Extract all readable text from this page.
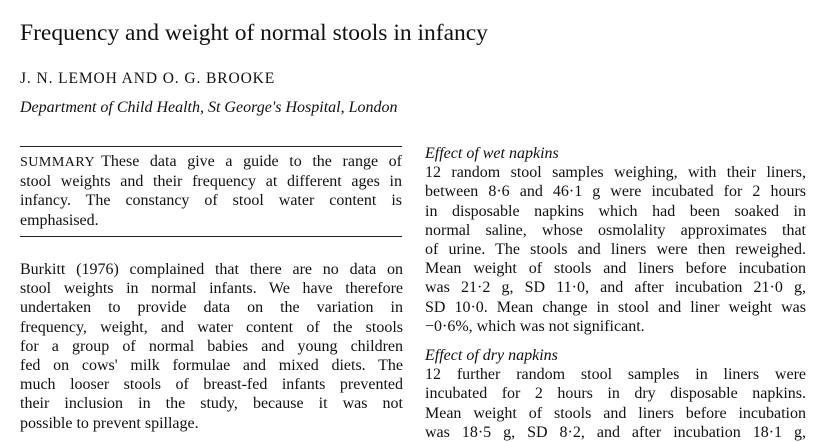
Frequency and weight of normal stools in infancy
J. N. LEMOH AND O. G. BROOKE
Department of Child Health, St George's Hospital, London
SUMMARY These data give a guide to the range of
stool weights and their frequency at different ages in
infancy. The constancy of stool water content is
emphasised.
Burkitt (1976) complained that there are no data on
stool weights in normal infants. We have therefore
undertaken to provide data on the variation in
frequency, weight, and water content of the stools
for a group of normal babies and young children
fed on cows' milk formulae and mixed diets. The
much looser stools of breast-fed infants prevented
their inclusion in the study, because it was not
possible to prevent spillage.
Effect of wet napkins
12 random stool samples weighing, with their liners,
between 8·6 and 46·1 g were incubated for 2 hours
in disposable napkins which had been soaked in
normal saline, whose osmolality approximates that
of urine. The stools and liners were then reweighed.
Mean weight of stools and liners before incubation
was 21·2 g, SD 11·0, and after incubation 21·0 g,
SD 10·0. Mean change in stool and liner weight was
−0·6%, which was not significant.
Effect of dry napkins
12 further random stool samples in liners were
incubated for 2 hours in dry disposable napkins.
Mean weight of stools and liners before incubation
was 18·5 g, SD 8·2, and after incubation 18·1 g,
